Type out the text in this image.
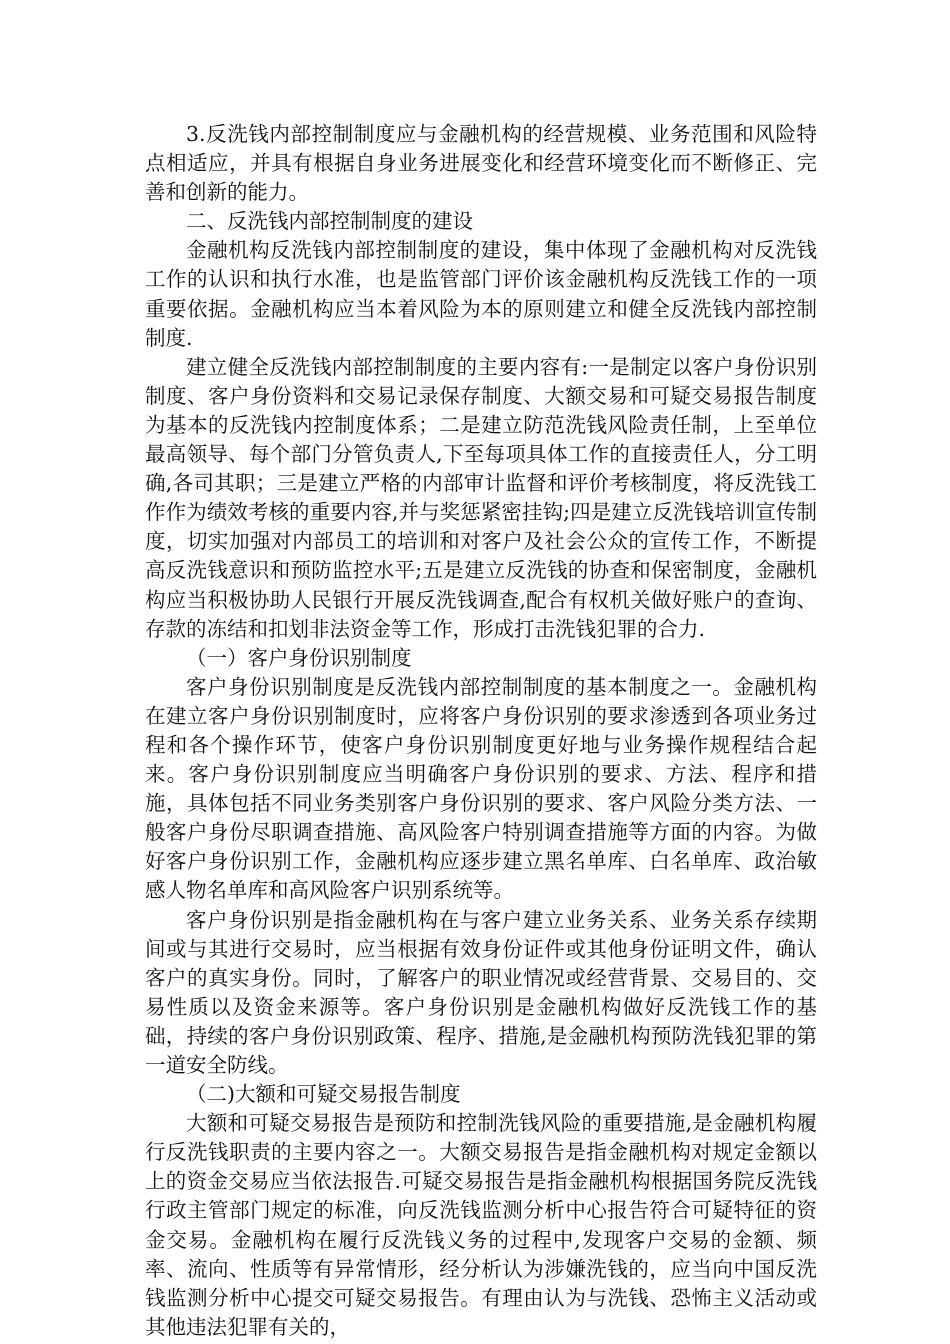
3.反洗钱内部控制制度应与金融机构的经营规模、业务范围和风险特点相适应，并具有根据自身业务进展变化和经营环境变化而不断修正、完善和创新的能力。

二、反洗钱内部控制制度的建设

金融机构反洗钱内部控制制度的建设，集中体现了金融机构对反洗钱工作的认识和执行水准，也是监管部门评价该金融机构反洗钱工作的一项重要依据。金融机构应当本着风险为本的原则建立和健全反洗钱内部控制制度.

建立健全反洗钱内部控制制度的主要内容有:一是制定以客户身份识别制度、客户身份资料和交易记录保存制度、大额交易和可疑交易报告制度为基本的反洗钱内控制度体系；二是建立防范洗钱风险责任制，上至单位最高领导、每个部门分管负责人,下至每项具体工作的直接责任人，分工明确,各司其职；三是建立严格的内部审计监督和评价考核制度，将反洗钱工作作为绩效考核的重要内容,并与奖惩紧密挂钩;四是建立反洗钱培训宣传制度，切实加强对内部员工的培训和对客户及社会公众的宣传工作，不断提高反洗钱意识和预防监控水平;五是建立反洗钱的协查和保密制度，金融机构应当积极协助人民银行开展反洗钱调查,配合有权机关做好账户的查询、存款的冻结和扣划非法资金等工作，形成打击洗钱犯罪的合力.

（一）客户身份识别制度

客户身份识别制度是反洗钱内部控制制度的基本制度之一。金融机构在建立客户身份识别制度时，应将客户身份识别的要求渗透到各项业务过程和各个操作环节，使客户身份识别制度更好地与业务操作规程结合起来。客户身份识别制度应当明确客户身份识别的要求、方法、程序和措施，具体包括不同业务类别客户身份识别的要求、客户风险分类方法、一般客户身份尽职调查措施、高风险客户特别调查措施等方面的内容。为做好客户身份识别工作，金融机构应逐步建立黑名单库、白名单库、政治敏感人物名单库和高风险客户识别系统等。

客户身份识别是指金融机构在与客户建立业务关系、业务关系存续期间或与其进行交易时，应当根据有效身份证件或其他身份证明文件，确认客户的真实身份。同时，了解客户的职业情况或经营背景、交易目的、交易性质以及资金来源等。客户身份识别是金融机构做好反洗钱工作的基础，持续的客户身份识别政策、程序、措施,是金融机构预防洗钱犯罪的第一道安全防线。

（二)大额和可疑交易报告制度

大额和可疑交易报告是预防和控制洗钱风险的重要措施,是金融机构履行反洗钱职责的主要内容之一。大额交易报告是指金融机构对规定金额以上的资金交易应当依法报告.可疑交易报告是指金融机构根据国务院反洗钱行政主管部门规定的标准，向反洗钱监测分析中心报告符合可疑特征的资金交易。金融机构在履行反洗钱义务的过程中,发现客户交易的金额、频率、流向、性质等有异常情形，经分析认为涉嫌洗钱的，应当向中国反洗钱监测分析中心提交可疑交易报告。有理由认为与洗钱、恐怖主义活动或其他违法犯罪有关的，
